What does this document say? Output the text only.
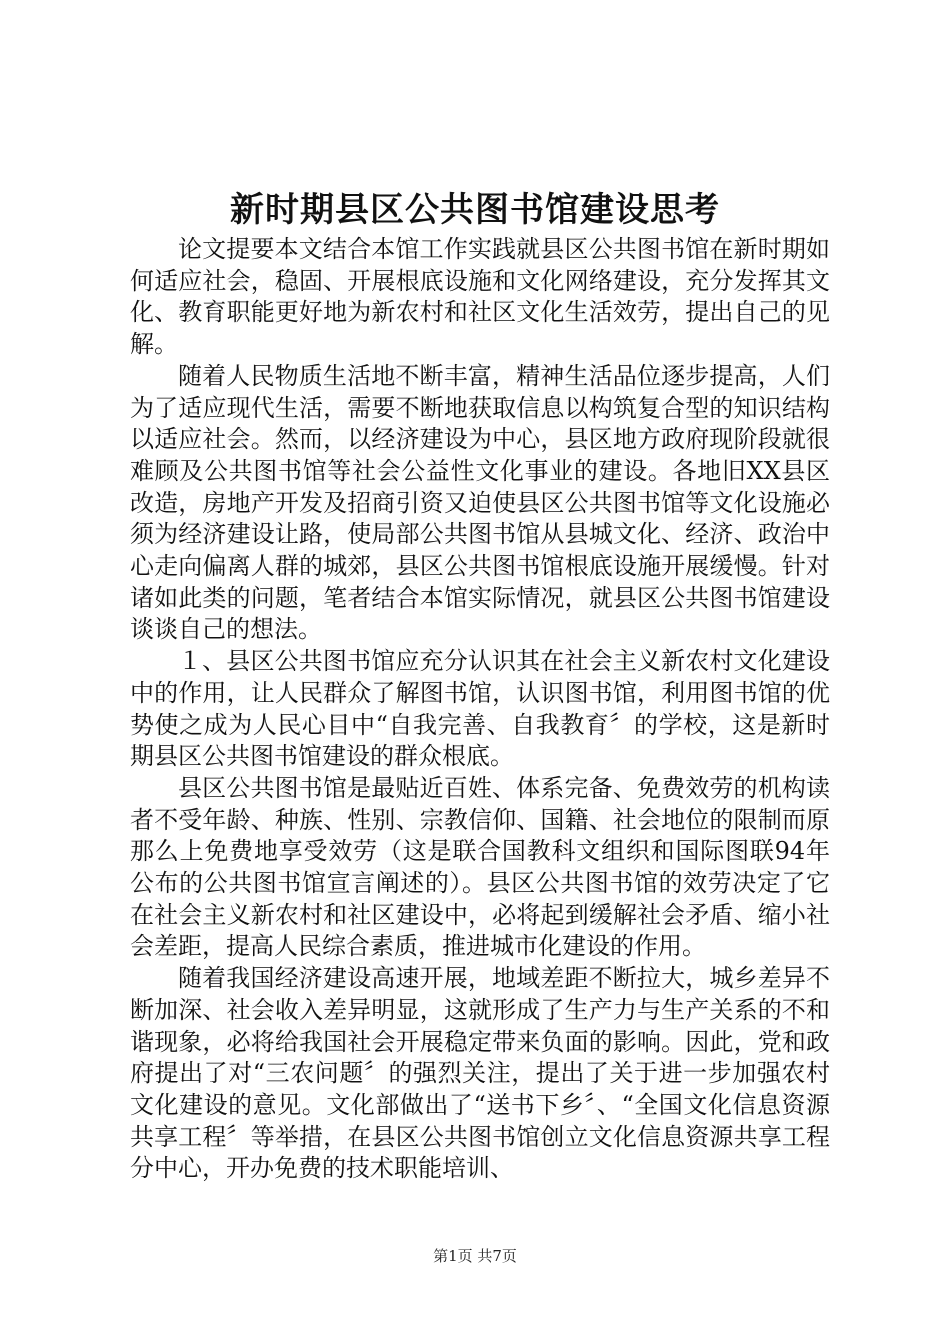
新时期县区公共图书馆建设思考

论文提要本文结合本馆工作实践就县区公共图书馆在新时期如何适应社会，稳固、开展根底设施和文化网络建设，充分发挥其文化、教育职能更好地为新农村和社区文化生活效劳，提出自己的见解。

随着人民物质生活地不断丰富，精神生活品位逐步提高，人们为了适应现代生活，需要不断地获取信息以构筑复合型的知识结构以适应社会。然而，以经济建设为中心，县区地方政府现阶段就很难顾及公共图书馆等社会公益性文化事业的建设。各地旧XX县区改造，房地产开发及招商引资又迫使县区公共图书馆等文化设施必须为经济建设让路，使局部公共图书馆从县城文化、经济、政治中心走向偏离人群的城郊，县区公共图书馆根底设施开展缓慢。针对诸如此类的问题，笔者结合本馆实际情况，就县区公共图书馆建设谈谈自己的想法。

１、县区公共图书馆应充分认识其在社会主义新农村文化建设中的作用，让人民群众了解图书馆，认识图书馆，利用图书馆的优势使之成为人民心目中“自我完善、自我教育〞的学校，这是新时期县区公共图书馆建设的群众根底。

县区公共图书馆是最贴近百姓、体系完备、免费效劳的机构读者不受年龄、种族、性别、宗教信仰、国籍、社会地位的限制而原那么上免费地享受效劳（这是联合国教科文组织和国际图联94年公布的公共图书馆宣言阐述的）。县区公共图书馆的效劳决定了它在社会主义新农村和社区建设中，必将起到缓解社会矛盾、缩小社会差距，提高人民综合素质，推进城市化建设的作用。

随着我国经济建设高速开展，地域差距不断拉大，城乡差异不断加深、社会收入差异明显，这就形成了生产力与生产关系的不和谐现象，必将给我国社会开展稳定带来负面的影响。因此，党和政府提出了对“三农问题〞的强烈关注，提出了关于进一步加强农村文化建设的意见。文化部做出了“送书下乡〞、“全国文化信息资源共享工程〞等举措，在县区公共图书馆创立文化信息资源共享工程分中心，开办免费的技术职能培训、

第1页 共7页
